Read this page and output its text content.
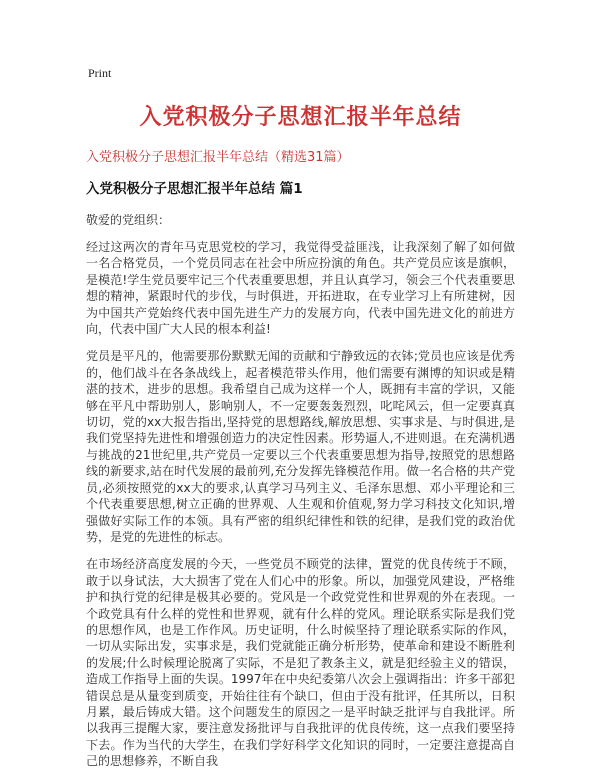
Print
入党积极分子思想汇报半年总结
入党积极分子思想汇报半年总结（精选31篇）
入党积极分子思想汇报半年总结 篇1
敬爱的党组织：

经过这两次的青年马克思党校的学习，我觉得受益匪浅，让我深刻了解了如何做一名合格党员，一个党员同志在社会中所应扮演的角色。共产党员应该是旗帜，是模范!学生党员要牢记三个代表重要思想，并且认真学习，领会三个代表重要思想的精神，紧跟时代的步伐，与时俱进，开拓进取，在专业学习上有所建树，因为中国共产党始终代表中国先进生产力的发展方向，代表中国先进文化的前进方向，代表中国广大人民的根本利益!

党员是平凡的，他需要那份默默无闻的贡献和宁静致远的衣钵;党员也应该是优秀的，他们战斗在各条战线上，起者模范带头作用，他们需要有渊博的知识或是精湛的技术，进步的思想。我希望自己成为这样一个人，既拥有丰富的学识，又能够在平凡中帮助别人，影响别人，不一定要轰轰烈烈，叱咤风云，但一定要真真切切，党的xx大报告指出,坚持党的思想路线,解放思想、实事求是、与时俱进,是我们党坚持先进性和增强创造力的决定性因素。形势逼人,不进则退。在充满机遇与挑战的21世纪里,共产党员一定要以三个代表重要思想为指导,按照党的思想路线的新要求,站在时代发展的最前列,充分发挥先锋模范作用。做一名合格的共产党员,必须按照党的xx大的要求,认真学习马列主义、毛泽东思想、邓小平理论和三个代表重要思想,树立正确的世界观、人生观和价值观,努力学习科技文化知识,增强做好实际工作的本领。具有严密的组织纪律性和铁的纪律，是我们党的政治优势，是党的先进性的标志。

在市场经济高度发展的今天，一些党员不顾党的法律，置党的优良传统于不顾，敢于以身试法，大大损害了党在人们心中的形象。所以，加强党风建设，严格维护和执行党的纪律是极其必要的。党风是一个政党党性和世界观的外在表现。一个政党具有什么样的党性和世界观，就有什么样的党风。理论联系实际是我们党的思想作风，也是工作作风。历史证明，什么时候坚持了理论联系实际的作风，一切从实际出发，实事求是，我们党就能正确分析形势，使革命和建设不断胜利的发展;什么时候理论脱离了实际，不是犯了教条主义，就是犯经验主义的错误，造成工作指导上面的失误。1997年在中央纪委第八次会上强调指出：许多干部犯错误总是从量变到质变，开始往往有个缺口，但由于没有批评，任其所以，日积月累，最后铸成大错。这个问题发生的原因之一是平时缺乏批评与自我批评。所以我再三提醒大家，要注意发扬批评与自我批评的优良传统，这一点我们要坚持下去。作为当代的大学生，在我们学好科学文化知识的同时，一定要注意提高自己的思想修养，不断自我
